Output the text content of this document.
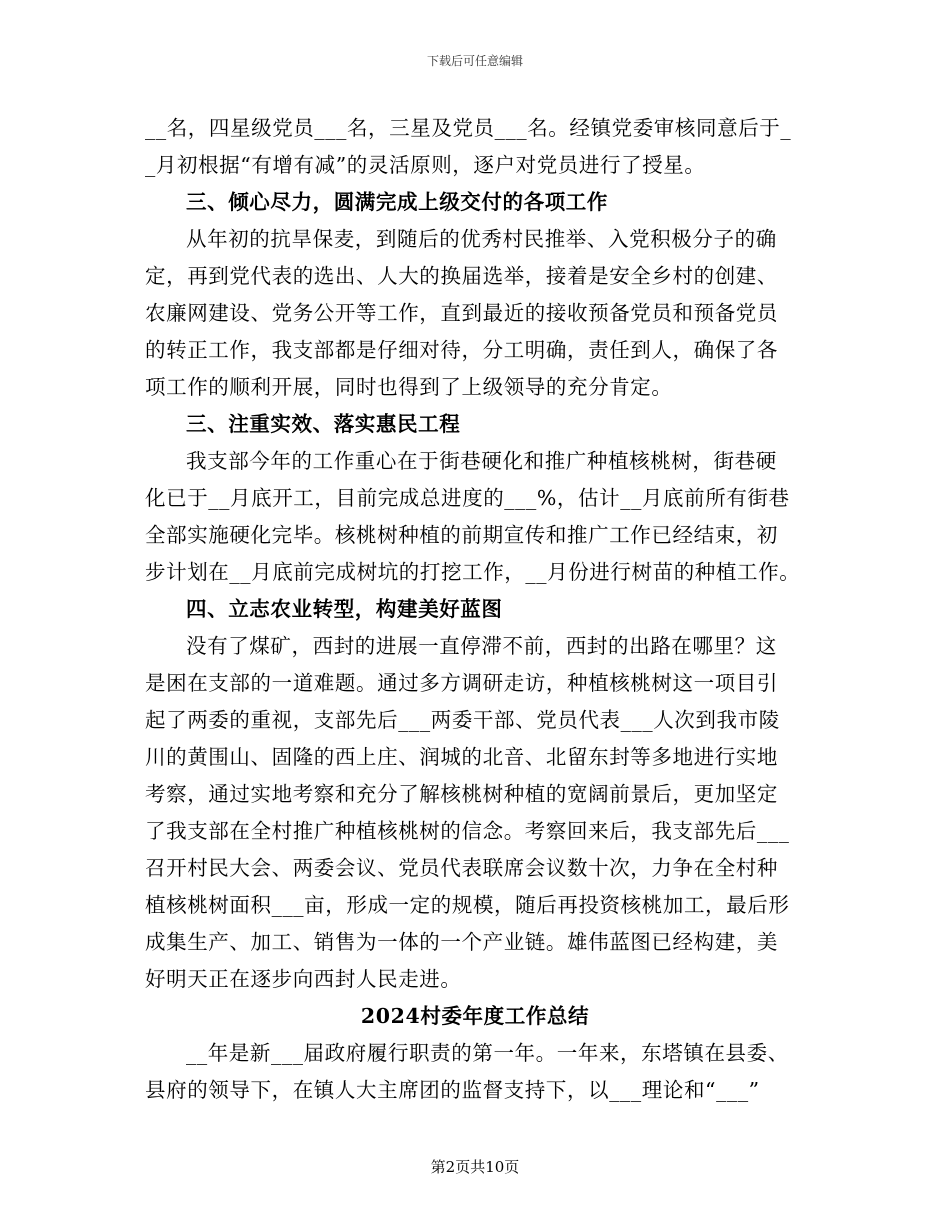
下载后可任意编辑
__名，四星级党员___名，三星及党员___名。经镇党委审核同意后于_
_月初根据“有增有减”的灵活原则，逐户对党员进行了授星。
三、倾心尽力，圆满完成上级交付的各项工作
从年初的抗旱保麦，到随后的优秀村民推举、入党积极分子的确
定，再到党代表的选出、人大的换届选举，接着是安全乡村的创建、
农廉网建设、党务公开等工作，直到最近的接收预备党员和预备党员
的转正工作，我支部都是仔细对待，分工明确，责任到人，确保了各
项工作的顺利开展，同时也得到了上级领导的充分肯定。
三、注重实效、落实惠民工程
我支部今年的工作重心在于街巷硬化和推广种植核桃树，街巷硬
化已于__月底开工，目前完成总进度的___%，估计__月底前所有街巷
全部实施硬化完毕。核桃树种植的前期宣传和推广工作已经结束，初
步计划在__月底前完成树坑的打挖工作，__月份进行树苗的种植工作。
四、立志农业转型，构建美好蓝图
没有了煤矿，西封的进展一直停滞不前，西封的出路在哪里？这
是困在支部的一道难题。通过多方调研走访，种植核桃树这一项目引
起了两委的重视，支部先后___两委干部、党员代表___人次到我市陵
川的黄围山、固隆的西上庄、润城的北音、北留东封等多地进行实地
考察，通过实地考察和充分了解核桃树种植的宽阔前景后，更加坚定
了我支部在全村推广种植核桃树的信念。考察回来后，我支部先后___
召开村民大会、两委会议、党员代表联席会议数十次，力争在全村种
植核桃树面积___亩，形成一定的规模，随后再投资核桃加工，最后形
成集生产、加工、销售为一体的一个产业链。雄伟蓝图已经构建，美
好明天正在逐步向西封人民走进。
2024村委年度工作总结
__年是新___届政府履行职责的第一年。一年来，东塔镇在县委、
县府的领导下，在镇人大主席团的监督支持下，以___理论和“___”
第2页共10页
